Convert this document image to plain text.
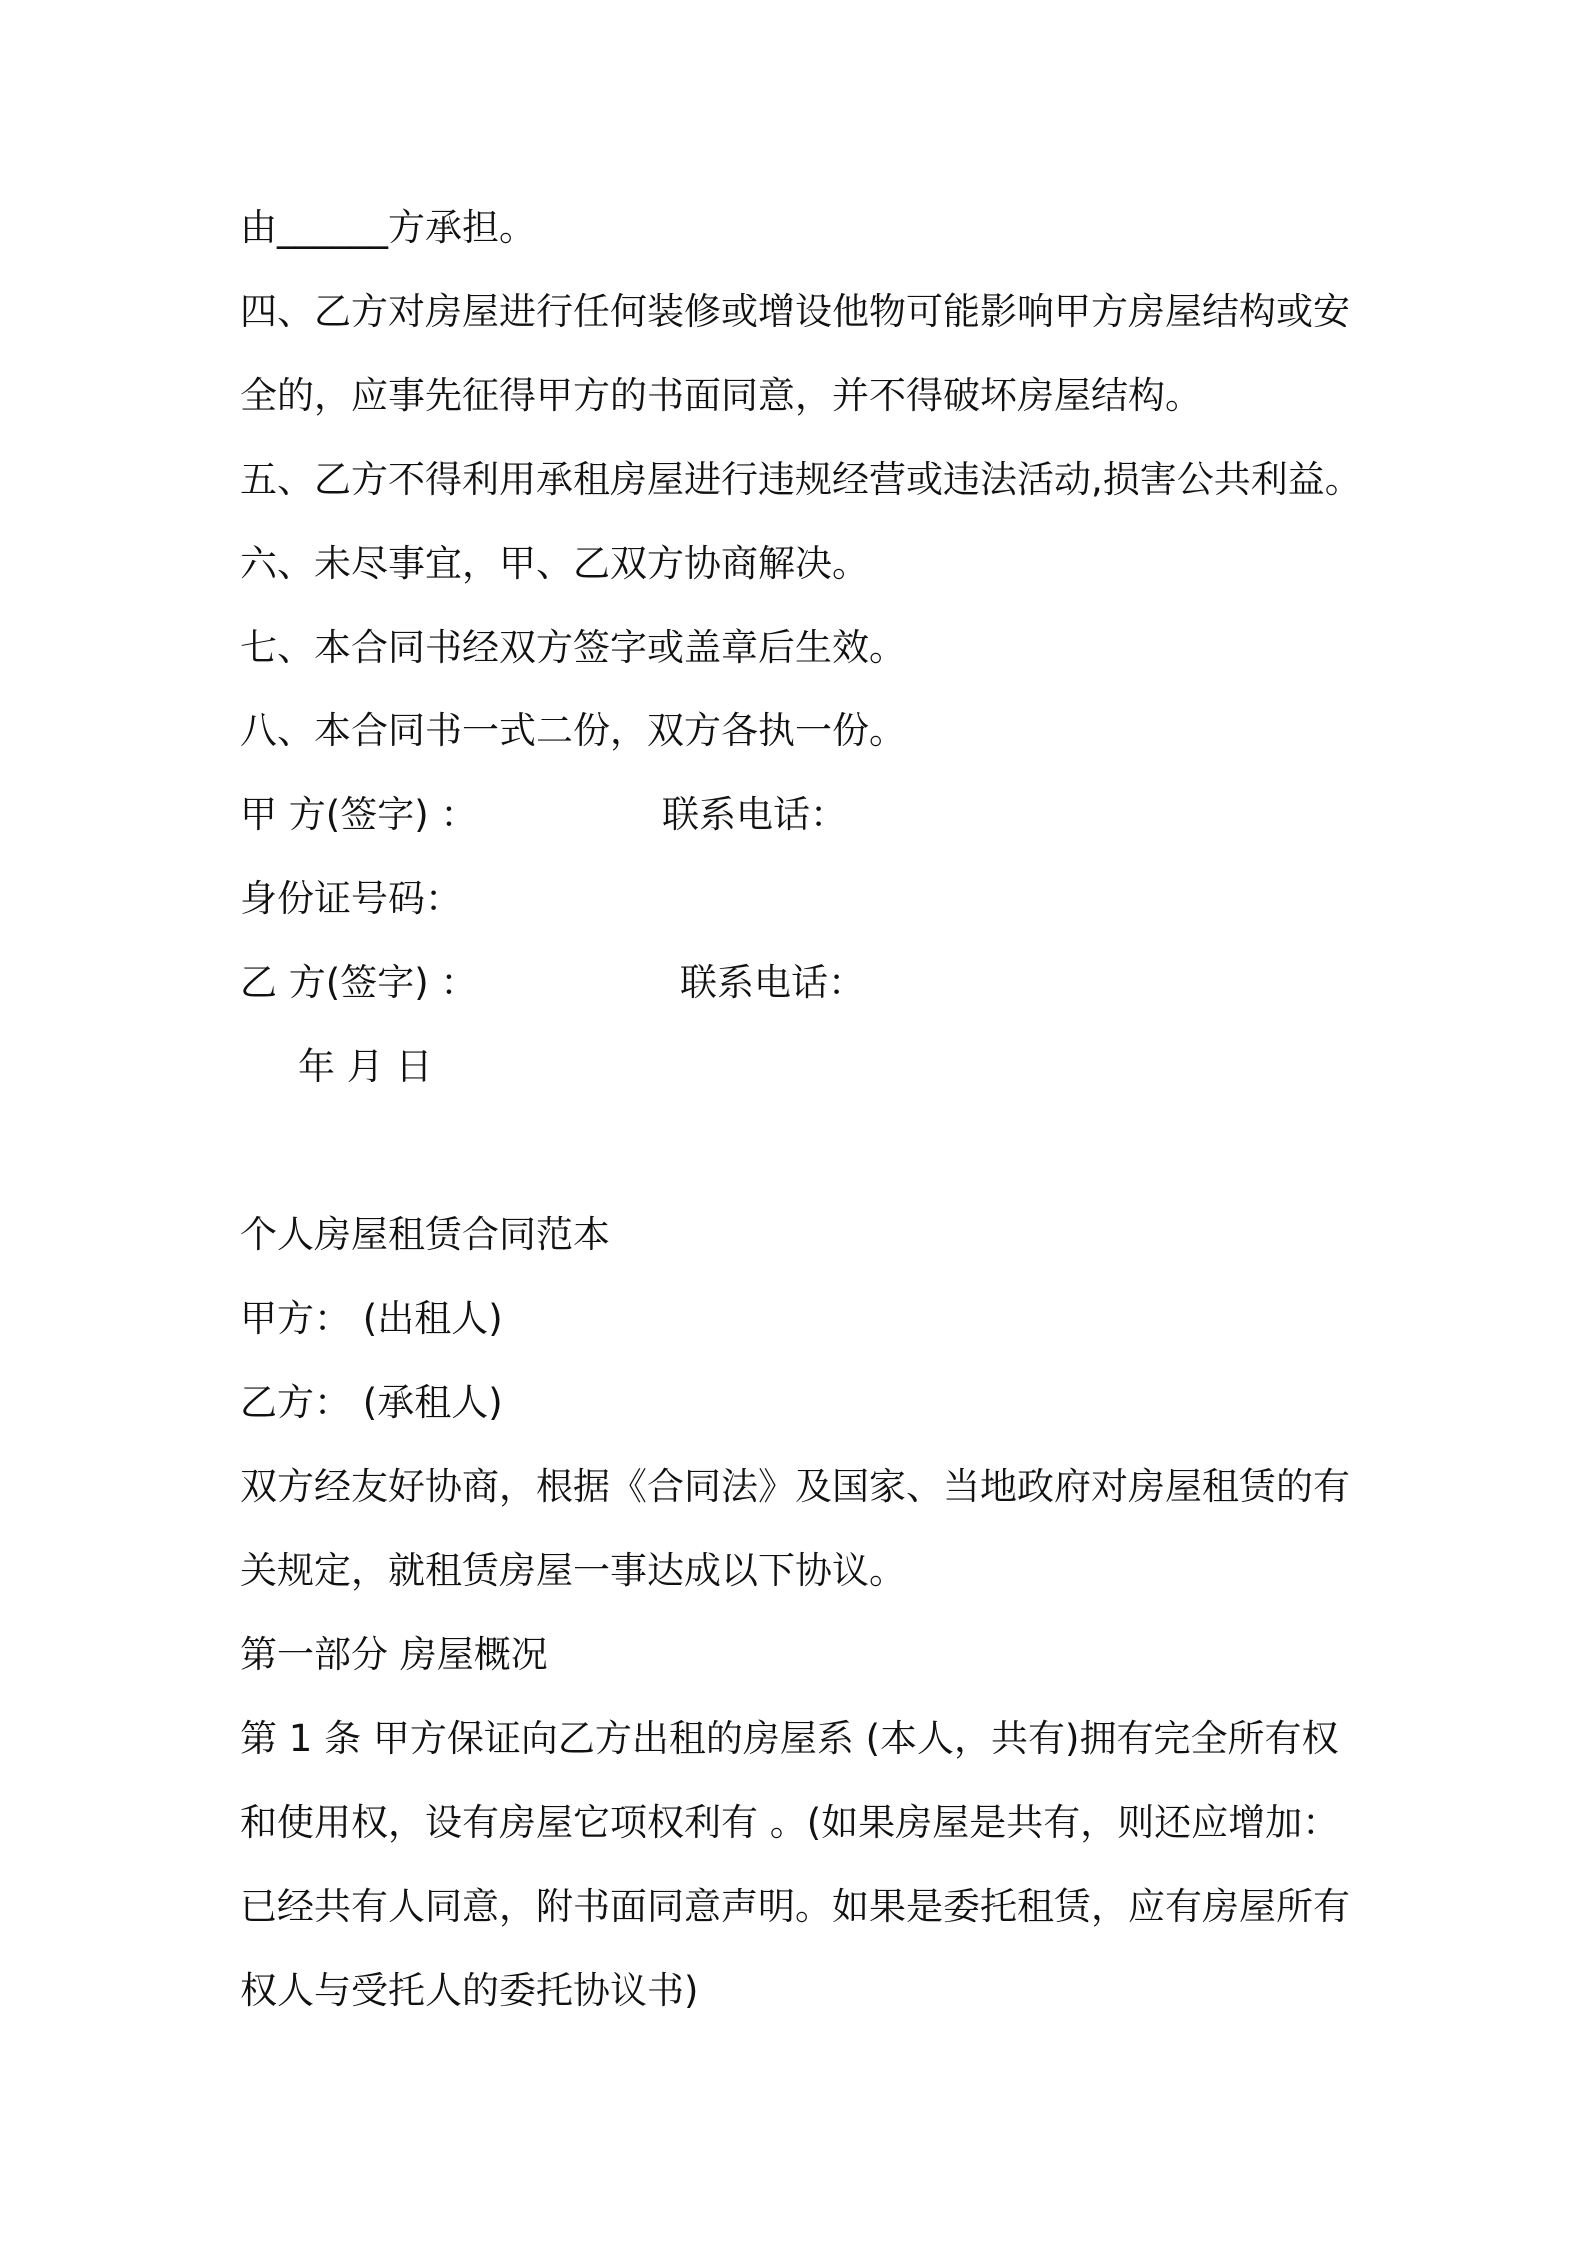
由______方承担。
四、乙方对房屋进行任何装修或增设他物可能影响甲方房屋结构或安
全的，应事先征得甲方的书面同意，并不得破坏房屋结构。
五、乙方不得利用承租房屋进行违规经营或违法活动,损害公共利益。
六、未尽事宜，甲、乙双方协商解决。
七、本合同书经双方签字或盖章后生效。
八、本合同书一式二份，双方各执一份。
甲 方(签字) ：	联系电话：
身份证号码：
乙 方(签字) ：	联系电话：
年 月 日
个人房屋租赁合同范本
甲方： (出租人)
乙方： (承租人)
双方经友好协商，根据《合同法》及国家、当地政府对房屋租赁的有
关规定，就租赁房屋一事达成以下协议。
第一部分 房屋概况
第 1 条 甲方保证向乙方出租的房屋系 (本人，共有)拥有完全所有权
和使用权，设有房屋它项权利有 。(如果房屋是共有，则还应增加：
已经共有人同意，附书面同意声明。如果是委托租赁，应有房屋所有
权人与受托人的委托协议书)
